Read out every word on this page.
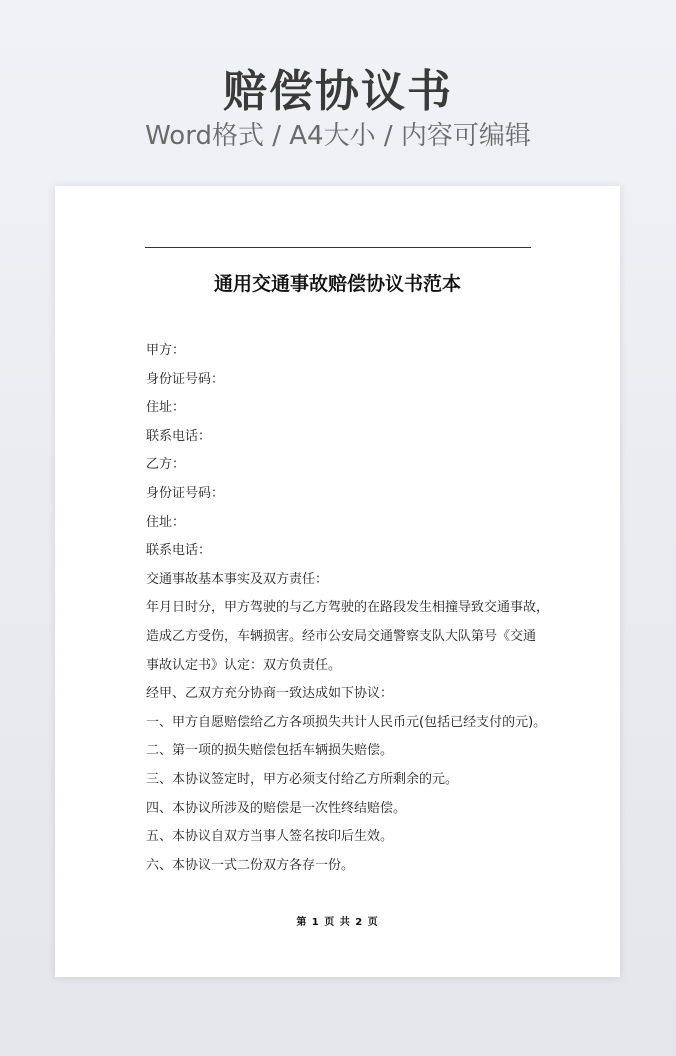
赔偿协议书
Word格式 / A4大小 / 内容可编辑
通用交通事故赔偿协议书范本
甲方：
身份证号码：
住址：
联系电话：
乙方：
身份证号码：
住址：
联系电话：
交通事故基本事实及双方责任：
年月日时分，甲方驾驶的与乙方驾驶的在路段发生相撞导致交通事故，
造成乙方受伤，车辆损害。经市公安局交通警察支队大队第号《交通
事故认定书》认定：双方负责任。
经甲、乙双方充分协商一致达成如下协议：
一、甲方自愿赔偿给乙方各项损失共计人民币元(包括已经支付的元)。
二、第一项的损失赔偿包括车辆损失赔偿。
三、本协议签定时，甲方必须支付给乙方所剩余的元。
四、本协议所涉及的赔偿是一次性终结赔偿。
五、本协议自双方当事人签名按印后生效。
六、本协议一式二份双方各存一份。
第 1 页 共 2 页
